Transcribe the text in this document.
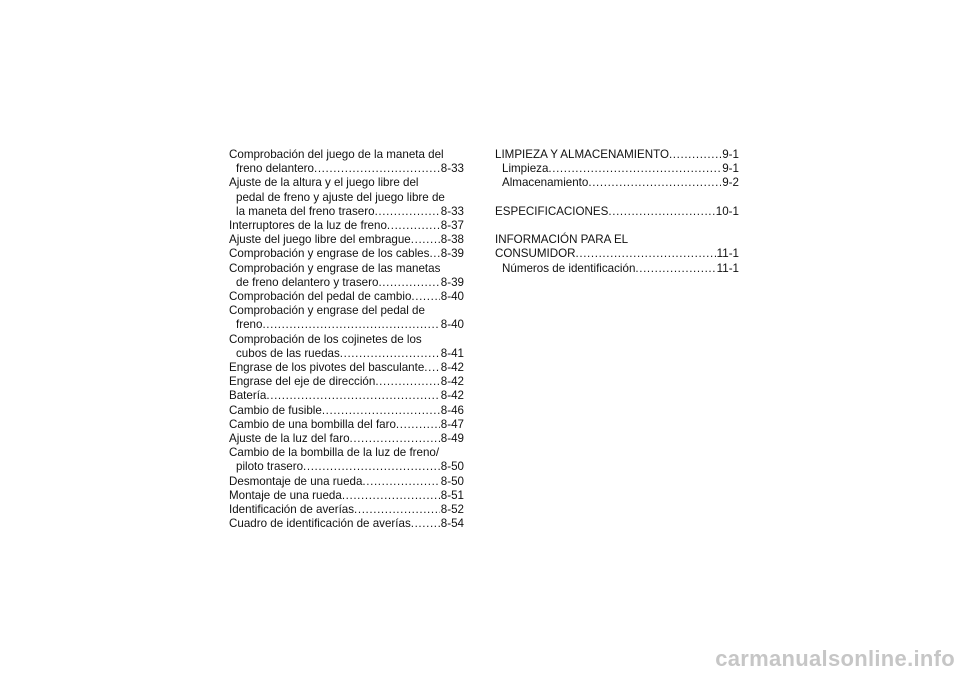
Comprobación del juego de la maneta del
freno delantero . . .	8-33
Ajuste de la altura y el juego libre del
pedal de freno y ajuste del juego libre de
la maneta del freno trasero . . .	8-33
Interruptores de la luz de freno . . .	8-37
Ajuste del juego libre del embrague . . .	8-38
Comprobación y engrase de los cables . . . 8-39
Comprobación y engrase de las manetas
de freno delantero y trasero . . .	8-39
Comprobación del pedal de cambio . . .	8-40
Comprobación y engrase del pedal de
freno . . .	8-40
Comprobación de los cojinetes de los
cubos de las ruedas . . .	8-41
Engrase de los pivotes del basculante . . . 8-42
Engrase del eje de dirección . . .	8-42
Batería . . .	8-42
Cambio de fusible . . .	8-46
Cambio de una bombilla del faro . . .	8-47
Ajuste de la luz del faro . . .	8-49
Cambio de la bombilla de la luz de freno/
piloto trasero . . .	8-50
Desmontaje de una rueda . . .	8-50
Montaje de una rueda . . .	8-51
Identificación de averías . . .	8-52
Cuadro de identificación de averías . . .	8-54
LIMPIEZA Y ALMACENAMIENTO . . .	9-1
Limpieza . . .	9-1
Almacenamiento . . .	9-2
ESPECIFICACIONES . . .	10-1
INFORMACIÓN PARA EL
CONSUMIDOR . . .	11-1
Números de identificación . . .	11-1
carmanualsonline.info
